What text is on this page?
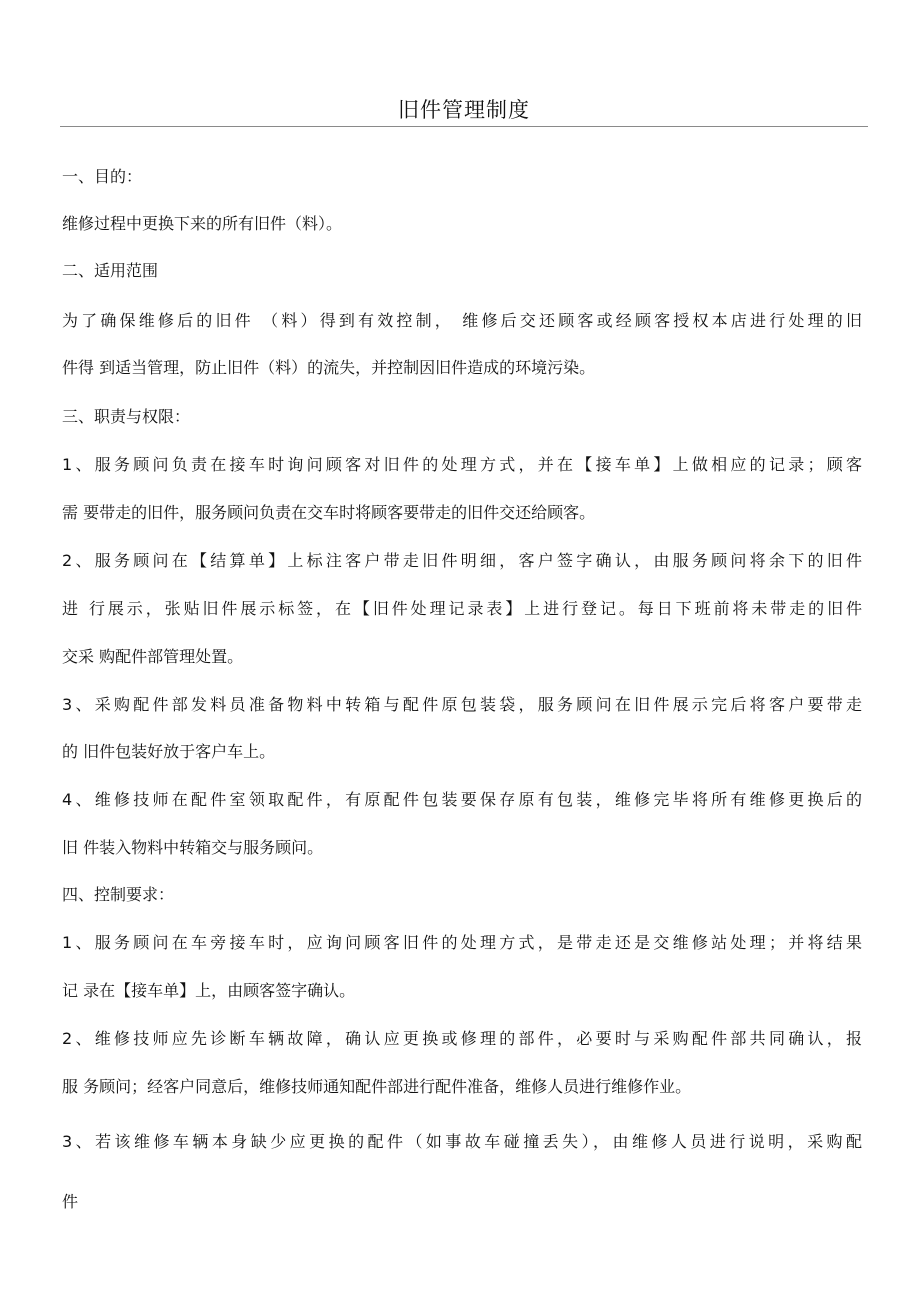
旧件管理制度
一、目的：
维修过程中更换下来的所有旧件（料）。
二、适用范围
为了确保维修后的旧件 （料）得到有效控制， 维修后交还顾客或经顾客授权本店进行处理的旧
件得 到适当管理，防止旧件（料）的流失，并控制因旧件造成的环境污染。
三、职责与权限：
1、服务顾问负责在接车时询问顾客对旧件的处理方式，并在【接车单】上做相应的记录；顾客
需 要带走的旧件，服务顾问负责在交车时将顾客要带走的旧件交还给顾客。
2、服务顾问在【结算单】上标注客户带走旧件明细，客户签字确认，由服务顾问将余下的旧件
进 行展示，张贴旧件展示标签，在【旧件处理记录表】上进行登记。每日下班前将未带走的旧件
交采 购配件部管理处置。
3、采购配件部发料员准备物料中转箱与配件原包装袋，服务顾问在旧件展示完后将客户要带走
的 旧件包装好放于客户车上。
4、维修技师在配件室领取配件，有原配件包装要保存原有包装，维修完毕将所有维修更换后的
旧 件装入物料中转箱交与服务顾问。
四、控制要求：
1、服务顾问在车旁接车时，应询问顾客旧件的处理方式，是带走还是交维修站处理；并将结果
记 录在【接车单】上，由顾客签字确认。
2、维修技师应先诊断车辆故障，确认应更换或修理的部件，必要时与采购配件部共同确认，报
服 务顾问；经客户同意后，维修技师通知配件部进行配件准备，维修人员进行维修作业。
3、若该维修车辆本身缺少应更换的配件（如事故车碰撞丢失），由维修人员进行说明，采购配
件
